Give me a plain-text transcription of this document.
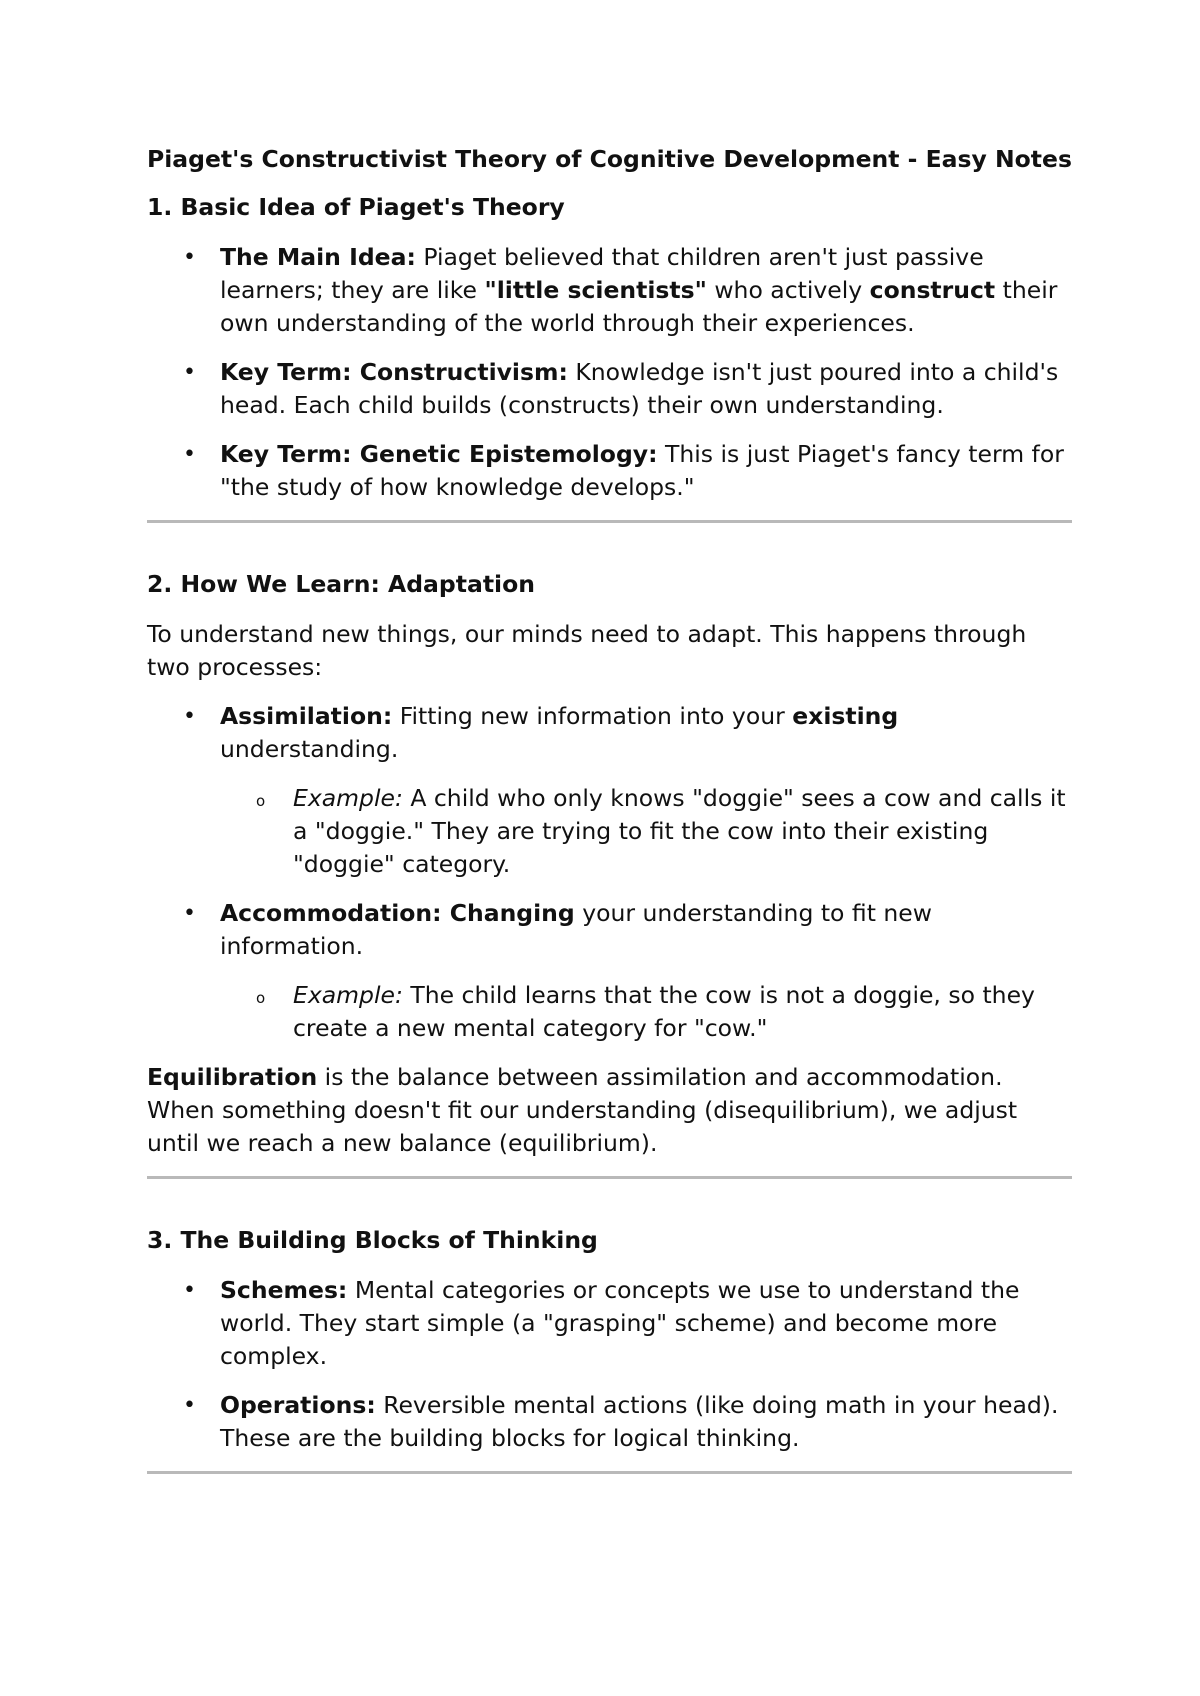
Piaget's Constructivist Theory of Cognitive Development - Easy Notes
1. Basic Idea of Piaget's Theory
• The Main Idea: Piaget believed that children aren't just passive learners; they are like "little scientists" who actively construct their own understanding of the world through their experiences.
• Key Term: Constructivism: Knowledge isn't just poured into a child's head. Each child builds (constructs) their own understanding.
• Key Term: Genetic Epistemology: This is just Piaget's fancy term for "the study of how knowledge develops."
2. How We Learn: Adaptation

To understand new things, our minds need to adapt. This happens through two processes:

• Assimilation: Fitting new information into your existing understanding.
o Example: A child who only knows "doggie" sees a cow and calls it a "doggie." They are trying to fit the cow into their existing "doggie" category.
• Accommodation: Changing your understanding to fit new information.
o Example: The child learns that the cow is not a doggie, so they create a new mental category for "cow."

Equilibration is the balance between assimilation and accommodation. When something doesn't fit our understanding (disequilibrium), we adjust until we reach a new balance (equilibrium).

3. The Building Blocks of Thinking
• Schemes: Mental categories or concepts we use to understand the world. They start simple (a "grasping" scheme) and become more complex.
• Operations: Reversible mental actions (like doing math in your head). These are the building blocks for logical thinking.
